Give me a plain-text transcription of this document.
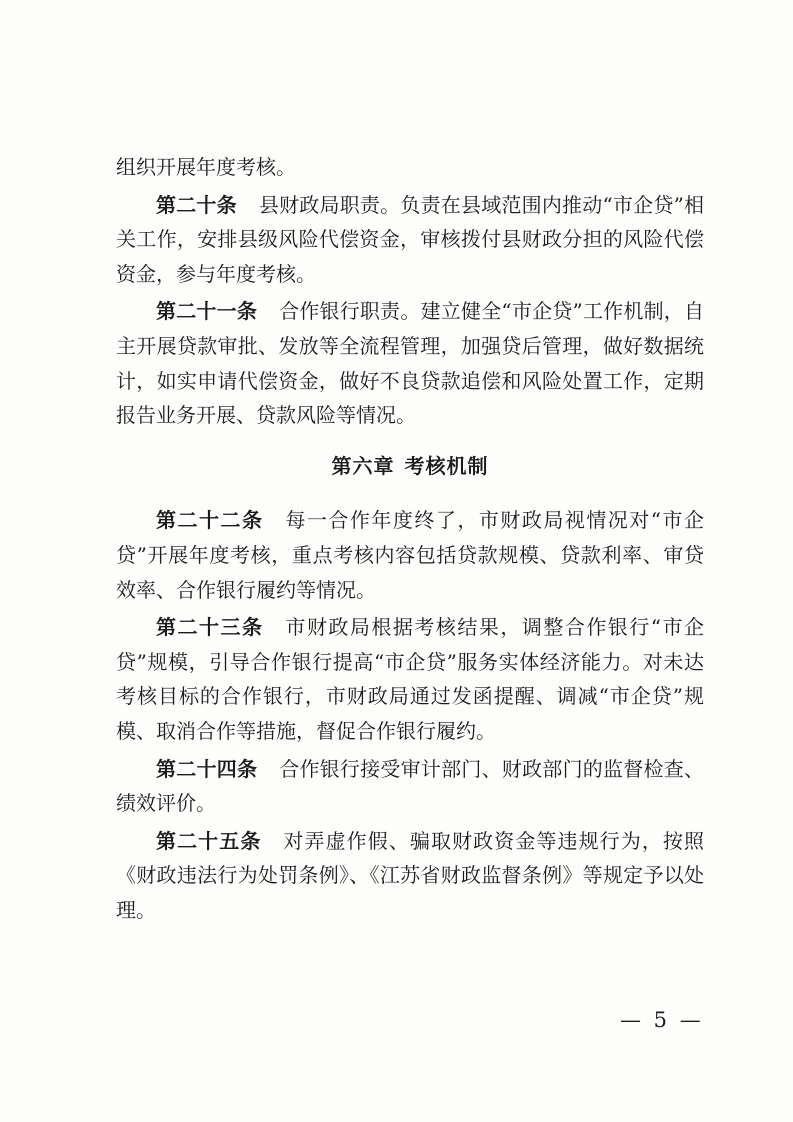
组织开展年度考核。

第二十条 县财政局职责。负责在县域范围内推动“市企贷”相关工作，安排县级风险代偿资金，审核拨付县财政分担的风险代偿资金，参与年度考核。

第二十一条 合作银行职责。建立健全“市企贷”工作机制，自主开展贷款审批、发放等全流程管理，加强贷后管理，做好数据统计，如实申请代偿资金，做好不良贷款追偿和风险处置工作，定期报告业务开展、贷款风险等情况。

第六章 考核机制

第二十二条 每一合作年度终了，市财政局视情况对“市企贷”开展年度考核，重点考核内容包括贷款规模、贷款利率、审贷效率、合作银行履约等情况。

第二十三条 市财政局根据考核结果，调整合作银行“市企贷”规模，引导合作银行提高“市企贷”服务实体经济能力。对未达考核目标的合作银行，市财政局通过发函提醒、调减“市企贷”规模、取消合作等措施，督促合作银行履约。

第二十四条 合作银行接受审计部门、财政部门的监督检查、绩效评价。

第二十五条 对弄虚作假、骗取财政资金等违规行为，按照《财政违法行为处罚条例》、《江苏省财政监督条例》等规定予以处理。

— 5 —
